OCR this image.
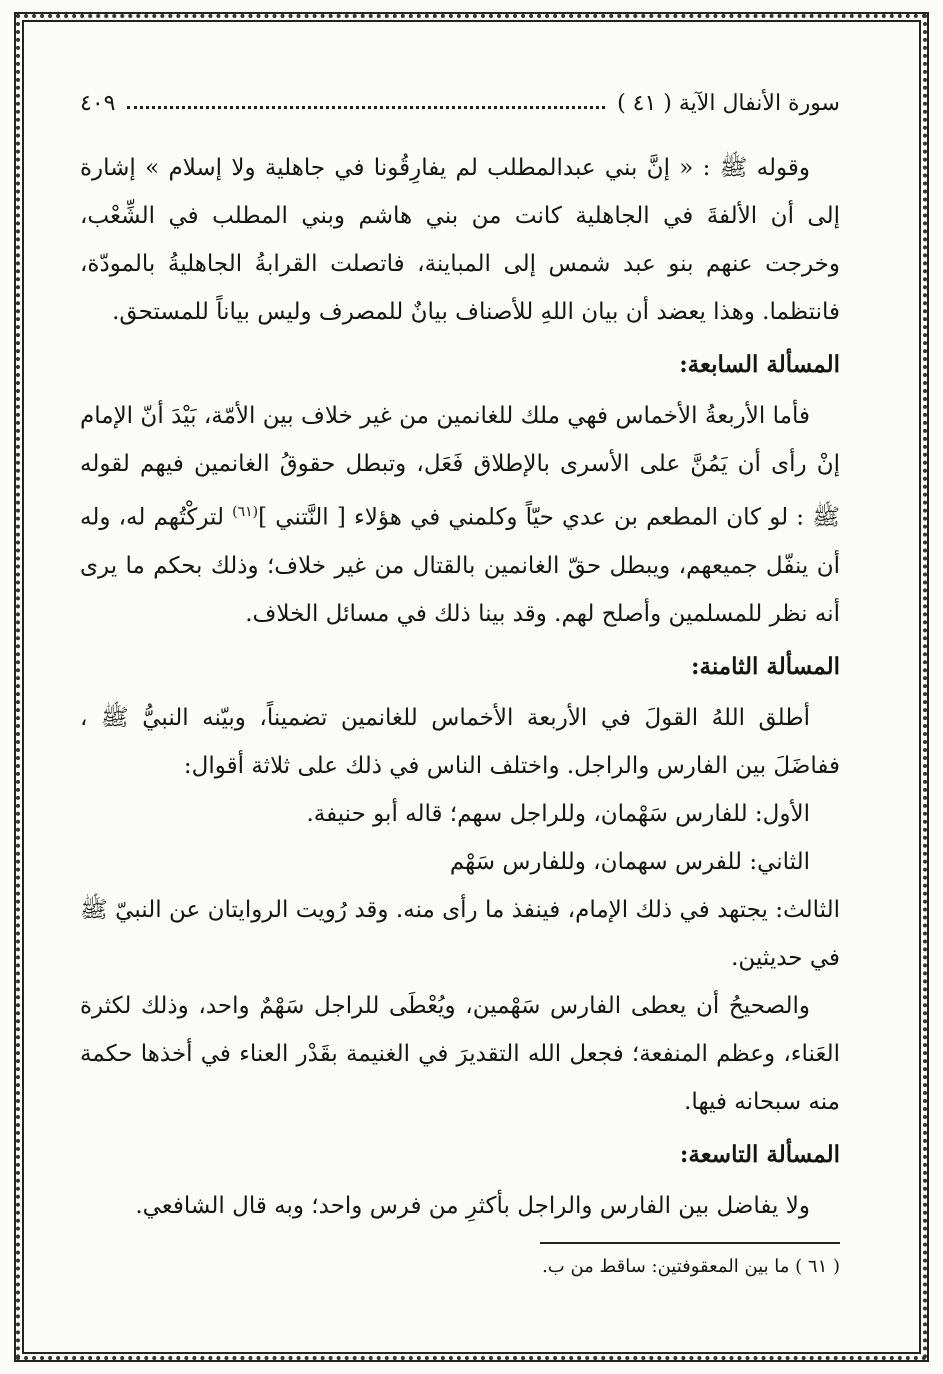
سورة الأنفال الآية ( ٤١ )
٤٠٩

وقوله ﷺ : « إنَّ بني عبدالمطلب لم يفارِقُونا في جاهلية ولا إسلام » إشارة إلى أن الألفةَ في الجاهلية كانت من بني هاشم وبني المطلب في الشِّعْب، وخرجت عنهم بنو عبد شمس إلى المباينة، فاتصلت القرابةُ الجاهليةُ بالمودّة، فانتظما. وهذا يعضد أن بيان اللهِ للأصناف بيانٌ للمصرف وليس بياناً للمستحق.

المسألة السابعة:

فأما الأربعةُ الأخماس فهي ملك للغانمين من غير خلاف بين الأمّة، بَيْدَ أنّ الإمام إنْ رأى أن يَمُنَّ على الأسرى بالإطلاق فَعَل، وتبطل حقوقُ الغانمين فيهم لقوله ﷺ : لو كان المطعم بن عدي حيّاً وكلمني في هؤلاء [ النَّتني ]$^{(٦١)}$ لتركْتُهم له، وله أن ينفّل جميعهم، ويبطل حقّ الغانمين بالقتال من غير خلاف؛ وذلك بحكم ما يرى أنه نظر للمسلمين وأصلح لهم. وقد بينا ذلك في مسائل الخلاف.

المسألة الثامنة:

أطلق اللهُ القولَ في الأربعة الأخماس للغانمين تضميناً، وبيّنه النبيُّ ﷺ ، ففاضَلَ بين الفارس والراجل. واختلف الناس في ذلك على ثلاثة أقوال:

الأول: للفارس سَهْمان، وللراجل سهم؛ قاله أبو حنيفة.

الثاني: للفرس سهمان، وللفارس سَهْم

الثالث: يجتهد في ذلك الإمام، فينفذ ما رأى منه. وقد رُويت الروايتان عن النبيّ ﷺ في حديثين.

والصحيحُ أن يعطى الفارس سَهْمين، ويُعْطَى للراجل سَهْمٌ واحد، وذلك لكثرة العَناء، وعظم المنفعة؛ فجعل الله التقديرَ في الغنيمة بقَدْر العناء في أخذها حكمة منه سبحانه فيها.

المسألة التاسعة:

ولا يفاضل بين الفارس والراجل بأكثرِ من فرس واحد؛ وبه قال الشافعي.

( ٦١ ) ما بين المعقوفتين: ساقط من ب.
